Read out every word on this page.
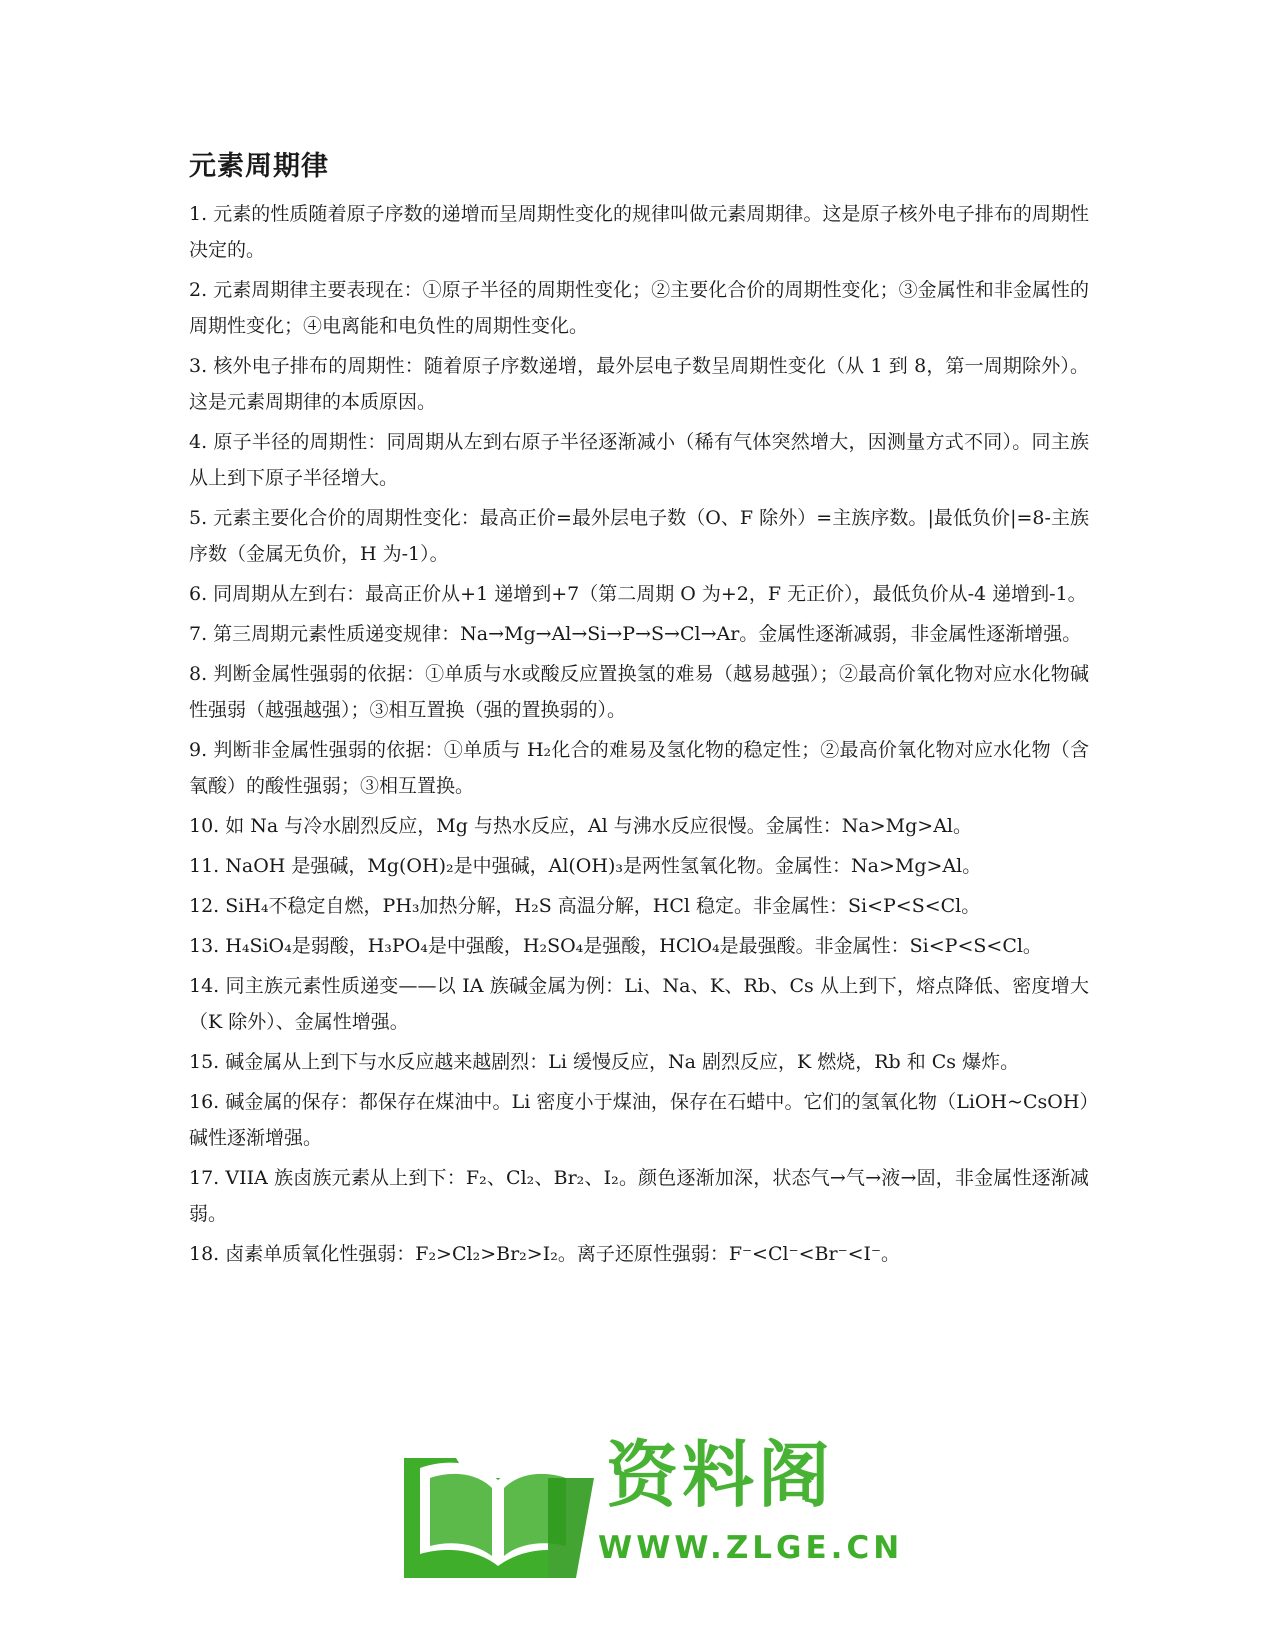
元素周期律

1. 元素的性质随着原子序数的递增而呈周期性变化的规律叫做元素周期律。这是原子核外电子排布的周期性决定的。

2. 元素周期律主要表现在：①原子半径的周期性变化；②主要化合价的周期性变化；③金属性和非金属性的周期性变化；④电离能和电负性的周期性变化。

3. 核外电子排布的周期性：随着原子序数递增，最外层电子数呈周期性变化（从 1 到 8，第一周期除外）。这是元素周期律的本质原因。

4. 原子半径的周期性：同周期从左到右原子半径逐渐减小（稀有气体突然增大，因测量方式不同）。同主族从上到下原子半径增大。

5. 元素主要化合价的周期性变化：最高正价=最外层电子数（O、F 除外）=主族序数。|最低负价|=8-主族序数（金属无负价，H 为-1）。

6. 同周期从左到右：最高正价从+1 递增到+7（第二周期 O 为+2，F 无正价），最低负价从-4 递增到-1。

7. 第三周期元素性质递变规律：Na→Mg→Al→Si→P→S→Cl→Ar。金属性逐渐减弱，非金属性逐渐增强。

8. 判断金属性强弱的依据：①单质与水或酸反应置换氢的难易（越易越强）；②最高价氧化物对应水化物碱性强弱（越强越强）；③相互置换（强的置换弱的）。

9. 判断非金属性强弱的依据：①单质与 H₂化合的难易及氢化物的稳定性；②最高价氧化物对应水化物（含氧酸）的酸性强弱；③相互置换。

10. 如 Na 与冷水剧烈反应，Mg 与热水反应，Al 与沸水反应很慢。金属性：Na>Mg>Al。

11. NaOH 是强碱，Mg(OH)₂是中强碱，Al(OH)₃是两性氢氧化物。金属性：Na>Mg>Al。

12. SiH₄不稳定自燃，PH₃加热分解，H₂S 高温分解，HCl 稳定。非金属性：Si<P<S<Cl。

13. H₄SiO₄是弱酸，H₃PO₄是中强酸，H₂SO₄是强酸，HClO₄是最强酸。非金属性：Si<P<S<Cl。

14. 同主族元素性质递变——以 IA 族碱金属为例：Li、Na、K、Rb、Cs 从上到下，熔点降低、密度增大（K 除外）、金属性增强。

15. 碱金属从上到下与水反应越来越剧烈：Li 缓慢反应，Na 剧烈反应，K 燃烧，Rb 和 Cs 爆炸。

16. 碱金属的保存：都保存在煤油中。Li 密度小于煤油，保存在石蜡中。它们的氢氧化物（LiOH~CsOH）碱性逐渐增强。

17. VIIA 族卤族元素从上到下：F₂、Cl₂、Br₂、I₂。颜色逐渐加深，状态气→气→液→固，非金属性逐渐减弱。

18. 卤素单质氧化性强弱：F₂>Cl₂>Br₂>I₂。离子还原性强弱：F⁻<Cl⁻<Br⁻<I⁻。

资料阁
WWW.ZLGE.CN
